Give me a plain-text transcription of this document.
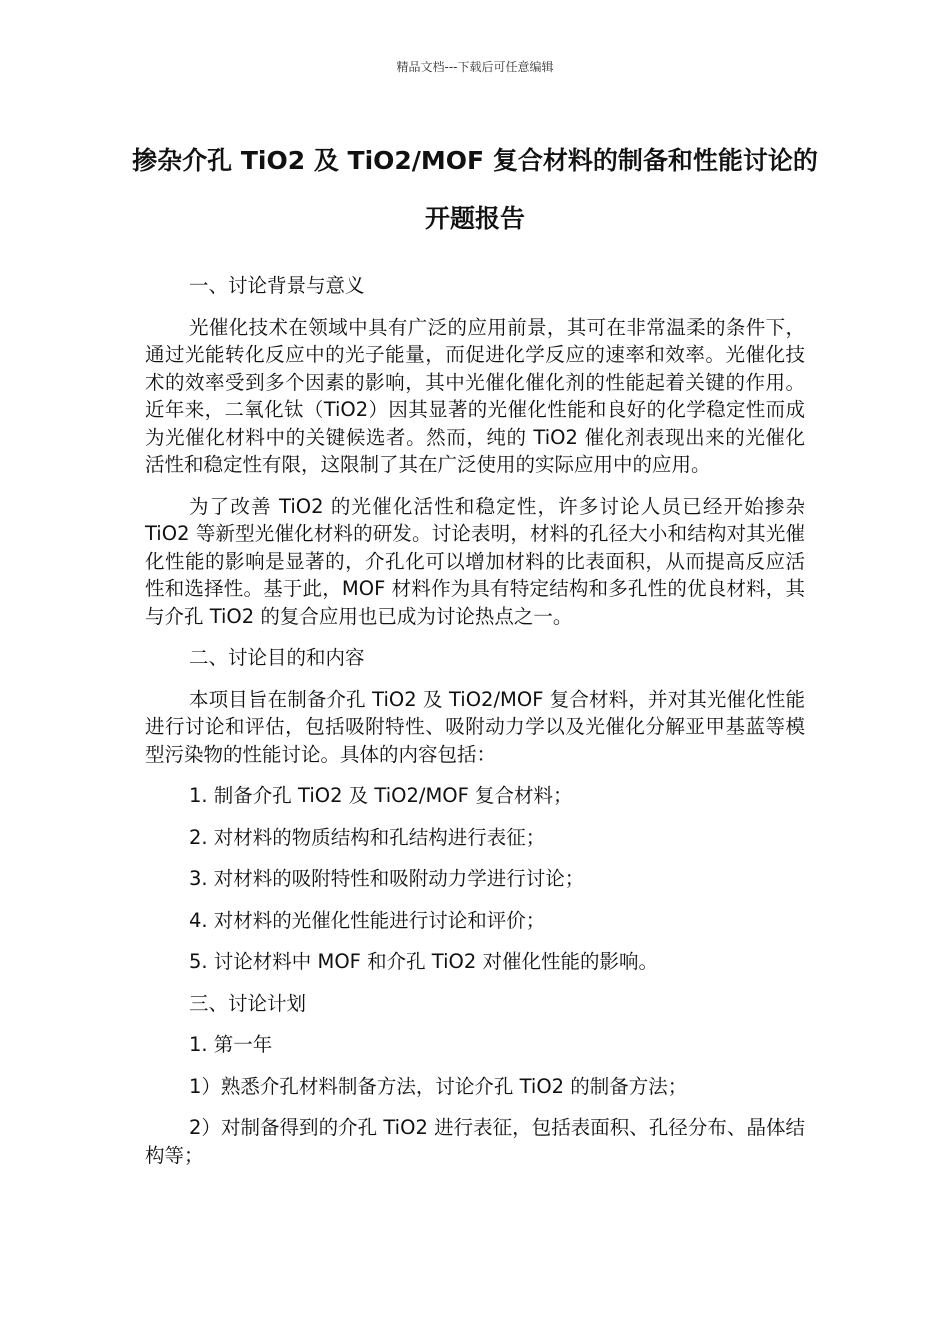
精品文档---下载后可任意编辑
掺杂介孔 TiO2 及 TiO2/MOF 复合材料的制备和性能讨论的开题报告

一、讨论背景与意义

光催化技术在领域中具有广泛的应用前景，其可在非常温柔的条件下，通过光能转化反应中的光子能量，而促进化学反应的速率和效率。光催化技术的效率受到多个因素的影响，其中光催化催化剂的性能起着关键的作用。近年来，二氧化钛（TiO2）因其显著的光催化性能和良好的化学稳定性而成为光催化材料中的关键候选者。然而，纯的 TiO2 催化剂表现出来的光催化活性和稳定性有限，这限制了其在广泛使用的实际应用中的应用。

为了改善 TiO2 的光催化活性和稳定性，许多讨论人员已经开始掺杂 TiO2 等新型光催化材料的研发。讨论表明，材料的孔径大小和结构对其光催化性能的影响是显著的，介孔化可以增加材料的比表面积，从而提高反应活性和选择性。基于此，MOF 材料作为具有特定结构和多孔性的优良材料，其与介孔 TiO2 的复合应用也已成为讨论热点之一。

二、讨论目的和内容

本项目旨在制备介孔 TiO2 及 TiO2/MOF 复合材料，并对其光催化性能进行讨论和评估，包括吸附特性、吸附动力学以及光催化分解亚甲基蓝等模型污染物的性能讨论。具体的内容包括：

1. 制备介孔 TiO2 及 TiO2/MOF 复合材料；

2. 对材料的物质结构和孔结构进行表征；

3. 对材料的吸附特性和吸附动力学进行讨论；

4. 对材料的光催化性能进行讨论和评价；

5. 讨论材料中 MOF 和介孔 TiO2 对催化性能的影响。

三、讨论计划

1. 第一年

1）熟悉介孔材料制备方法，讨论介孔 TiO2 的制备方法；

2）对制备得到的介孔 TiO2 进行表征，包括表面积、孔径分布、晶体结构等；
